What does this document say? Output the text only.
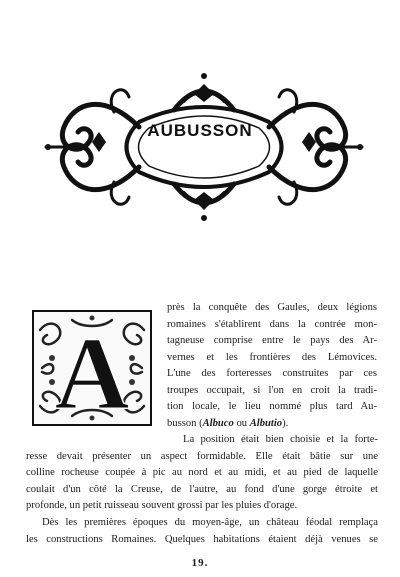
AUBUSSON
A
près la conquête des Gaules, deux légions
romaines s'établirent dans la contrée mon-
tagneuse comprise entre le pays des Ar-
vernes et les frontières des Lémovices.
L'une des forteresses construites par ces
troupes occupait, si l'on en croit la tradi-
tion locale, le lieu nommé plus tard Au-
busson (Albuco ou Albutio).
La position était bien choisie et la forte-
resse devait présenter un aspect formidable. Elle était bâtie sur une
colline rocheuse coupée à pic au nord et au midi, et au pied de laquelle
coulait d'un côté la Creuse, de l'autre, au fond d'une gorge étroite et
profonde, un petit ruisseau souvent grossi par les pluies d'orage.
Dès les premières époques du moyen-âge, un château féodal remplaça
les constructions Romaines. Quelques habitations étaient déjà venues se
19.
